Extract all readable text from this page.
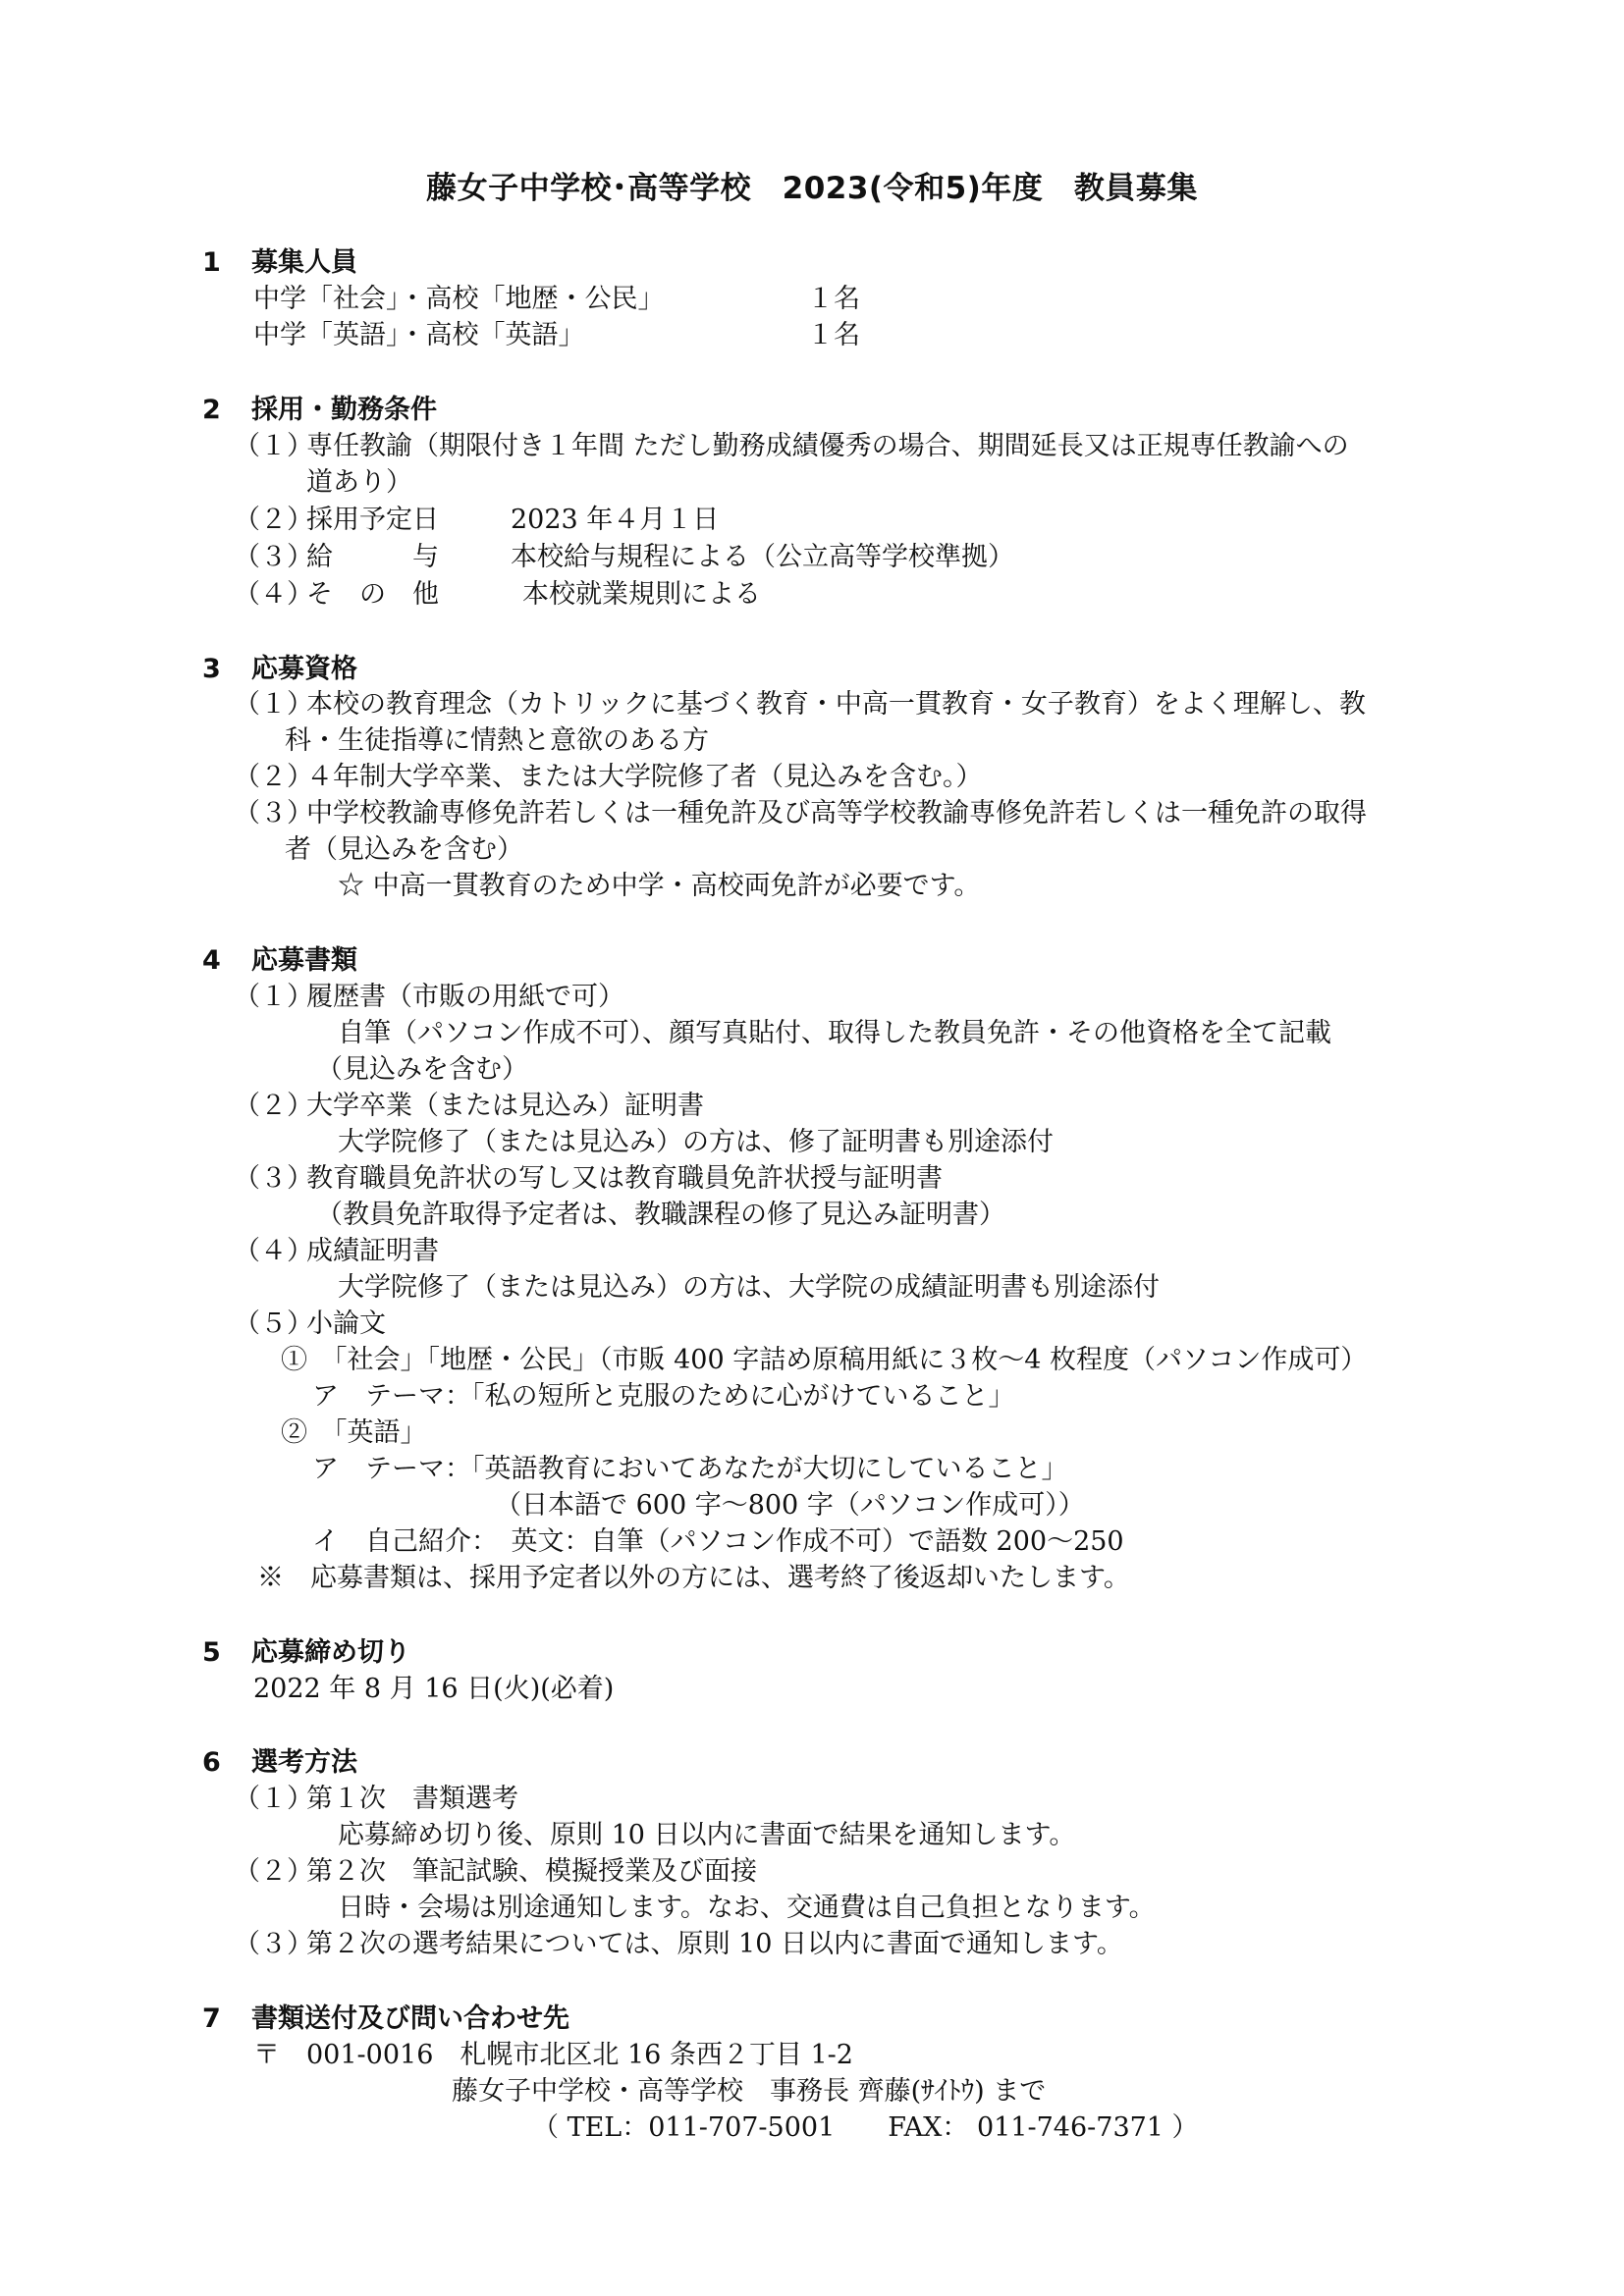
藤女子中学校･高等学校　2023(令和5)年度　教員募集
1 募集人員
中学「社会」・高校「地歴・公民」	１名
中学「英語」・高校「英語」	１名
2 採用・勤務条件
（１）専任教諭（期限付き１年間 ただし勤務成績優秀の場合、期間延長又は正規専任教諭への
道あり）
（２）採用予定日	2023 年４月１日
（３）給　　　与	本校給与規程による（公立高等学校準拠）
（４）そ　の　他	本校就業規則による
3 応募資格
（１）本校の教育理念（カトリックに基づく教育・中高一貫教育・女子教育）をよく理解し、教
科・生徒指導に情熱と意欲のある方
（２）４年制大学卒業、または大学院修了者（見込みを含む。）
（３）中学校教諭専修免許若しくは一種免許及び高等学校教諭専修免許若しくは一種免許の取得
者（見込みを含む）
☆ 中高一貫教育のため中学・高校両免許が必要です。
4 応募書類
（１）履歴書（市販の用紙で可）
自筆（パソコン作成不可）、顔写真貼付、取得した教員免許・その他資格を全て記載
（見込みを含む）
（２）大学卒業（または見込み）証明書
大学院修了（または見込み）の方は、修了証明書も別途添付
（３）教育職員免許状の写し又は教育職員免許状授与証明書
（教員免許取得予定者は、教職課程の修了見込み証明書）
（４）成績証明書
大学院修了（または見込み）の方は、大学院の成績証明書も別途添付
（５）小論文
①　「社会」「地歴・公民」（市販 400 字詰め原稿用紙に３枚～4 枚程度（パソコン作成可）
ア　テーマ：「私の短所と克服のために心がけていること」
②　「英語」
ア　テーマ：「英語教育においてあなたが大切にしていること」
（日本語で 600 字～800 字（パソコン作成可））
イ　自己紹介：　英文：自筆（パソコン作成不可）で語数 200～250
※　応募書類は、採用予定者以外の方には、選考終了後返却いたします。
5 応募締め切り
2022 年 8 月 16 日(火)(必着)
6 選考方法
（１）第１次　書類選考
応募締め切り後、原則 10 日以内に書面で結果を通知します。
（２）第２次　筆記試験、模擬授業及び面接
日時・会場は別途通知します。なお、交通費は自己負担となります。
（３）第２次の選考結果については、原則 10 日以内に書面で通知します。
7 書類送付及び問い合わせ先
〒　001-0016　札幌市北区北 16 条西２丁目 1-2
藤女子中学校・高等学校　事務長 齊藤(ｻｲﾄｳ) まで
（ TEL：011-707-5001　　FAX： 011-746-7371 ）
